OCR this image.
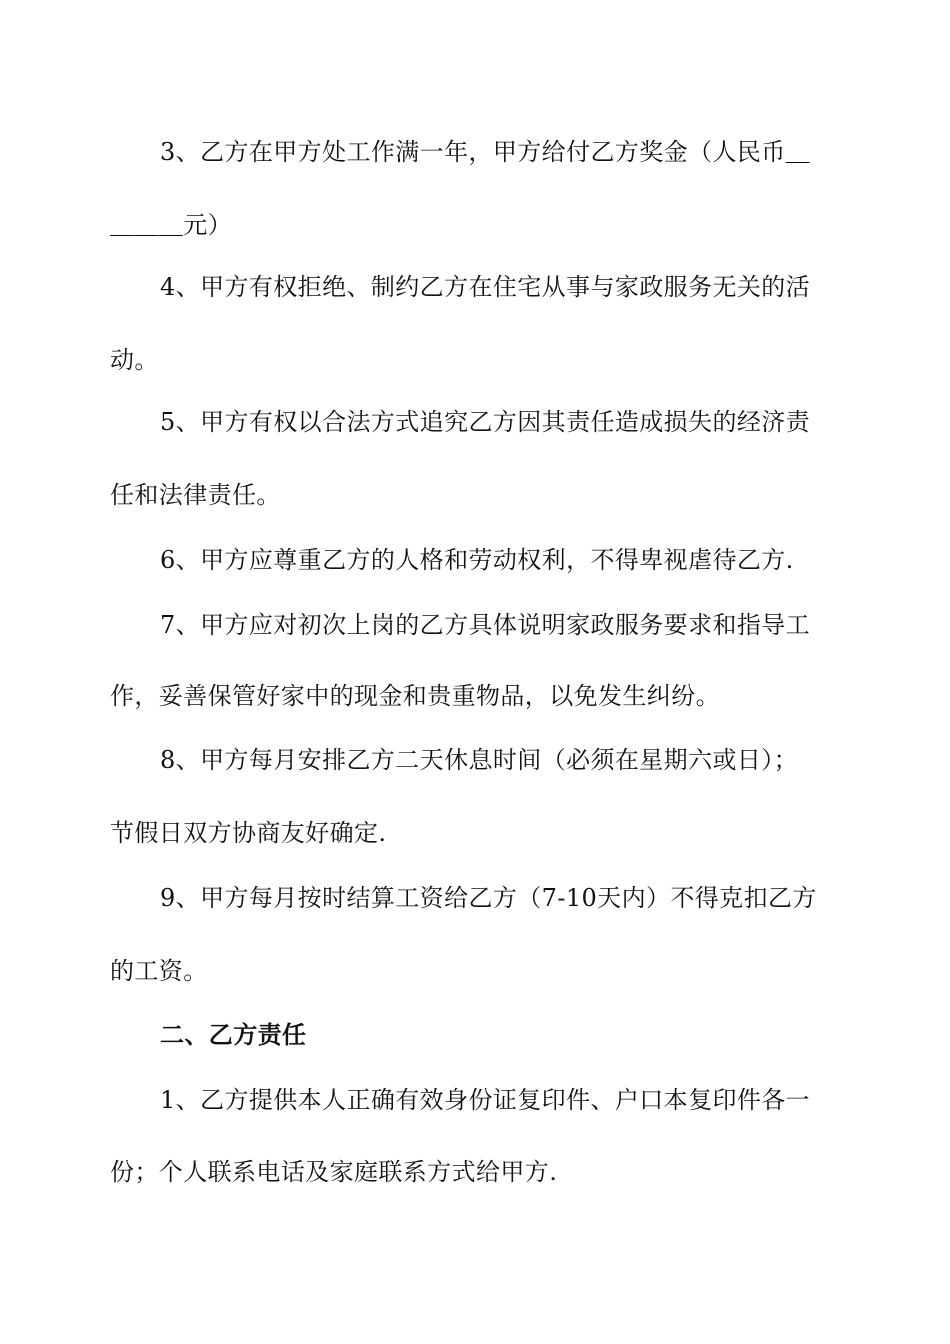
3、乙方在甲方处工作满一年，甲方给付乙方奖金（人民币＿
＿＿＿元）
4、甲方有权拒绝、制约乙方在住宅从事与家政服务无关的活
动。
5、甲方有权以合法方式追究乙方因其责任造成损失的经济责
任和法律责任。
6、甲方应尊重乙方的人格和劳动权利，不得卑视虐待乙方.
7、甲方应对初次上岗的乙方具体说明家政服务要求和指导工
作，妥善保管好家中的现金和贵重物品，以免发生纠纷。
8、甲方每月安排乙方二天休息时间（必须在星期六或日）；
节假日双方协商友好确定.
9、甲方每月按时结算工资给乙方（7-10天内）不得克扣乙方
的工资。
二、乙方责任
1、乙方提供本人正确有效身份证复印件、户口本复印件各一
份；个人联系电话及家庭联系方式给甲方.
